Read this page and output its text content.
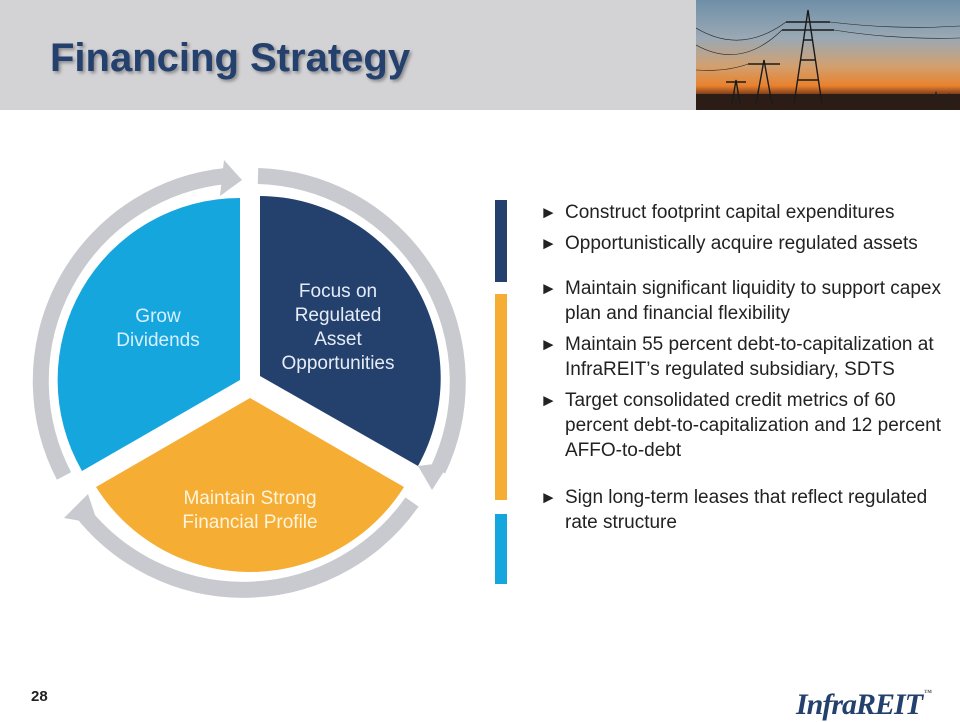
Financing Strategy
Grow
Dividends
Focus on
Regulated
Asset
Opportunities
Maintain Strong
Financial Profile
► Construct footprint capital expenditures
► Opportunistically acquire regulated assets
► Maintain significant liquidity to support capex plan and financial flexibility
► Maintain 55 percent debt-to-capitalization at InfraREIT’s regulated subsidiary, SDTS
► Target consolidated credit metrics of 60 percent debt-to-capitalization and 12 percent AFFO-to-debt
► Sign long-term leases that reflect regulated rate structure
28	InfraREIT ™
